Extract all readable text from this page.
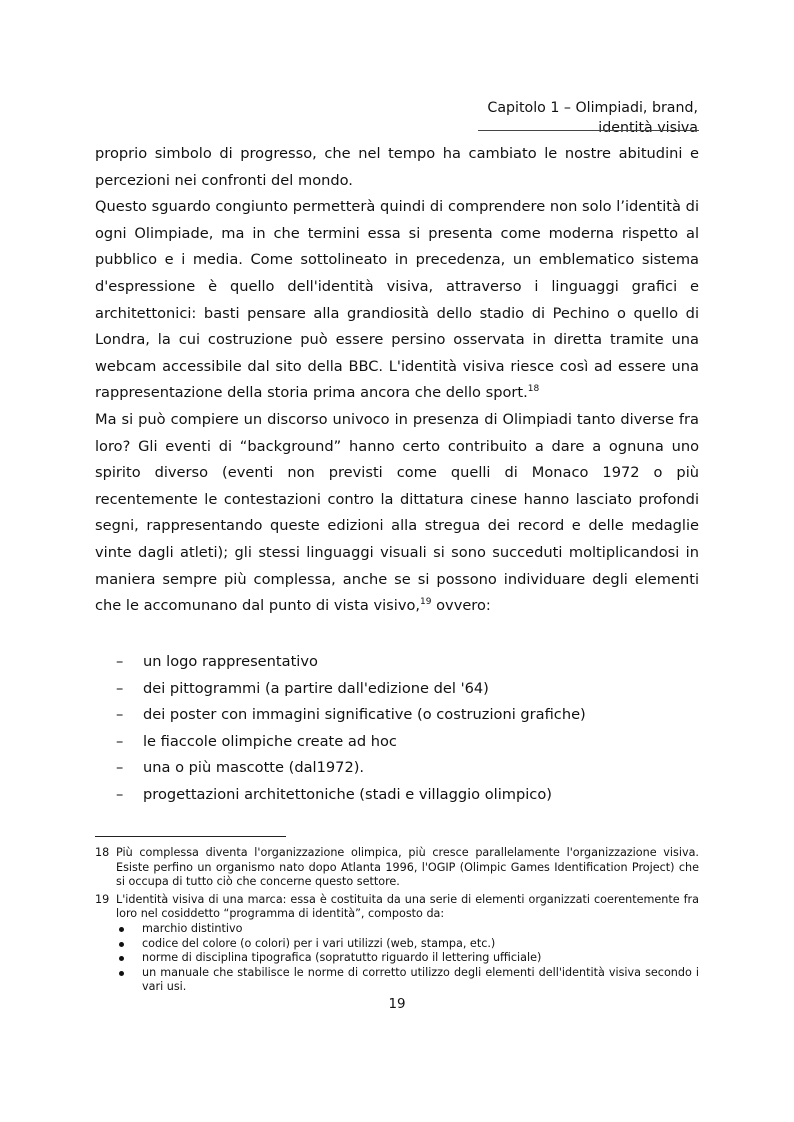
Capitolo 1 – Olimpiadi, brand, identità visiva

proprio simbolo di progresso, che nel tempo ha cambiato le nostre abitudini e percezioni nei confronti del mondo.

Questo sguardo congiunto permetterà quindi di comprendere non solo l’identità di ogni Olimpiade, ma in che termini essa si presenta come moderna rispetto al pubblico e i media. Come sottolineato in precedenza, un emblematico sistema d'espressione è quello dell'identità visiva, attraverso i linguaggi grafici e architettonici: basti pensare alla grandiosità dello stadio di Pechino o quello di Londra, la cui costruzione può essere persino osservata in diretta tramite una webcam accessibile dal sito della BBC. L'identità visiva riesce così ad essere una rappresentazione della storia prima ancora che dello sport.$^{18}$

Ma si può compiere un discorso univoco in presenza di Olimpiadi tanto diverse fra loro? Gli eventi di “background” hanno certo contribuito a dare a ognuna uno spirito diverso (eventi non previsti come quelli di Monaco 1972 o più recentemente le contestazioni contro la dittatura cinese hanno lasciato profondi segni, rappresentando queste edizioni alla stregua dei record e delle medaglie vinte dagli atleti); gli stessi linguaggi visuali si sono succeduti moltiplicandosi in maniera sempre più complessa, anche se si possono individuare degli elementi che le accomunano dal punto di vista visivo,$^{19}$ ovvero:

– un logo rappresentativo
– dei pittogrammi (a partire dall'edizione del '64)
– dei poster con immagini significative (o costruzioni grafiche)
– le fiaccole olimpiche create ad hoc
– una o più mascotte (dal1972).
– progettazioni architettoniche (stadi e villaggio olimpico)
18 Più complessa diventa l'organizzazione olimpica, più cresce parallelamente l'organizzazione visiva. Esiste perfino un organismo nato dopo Atlanta 1996, l'OGIP (Olimpic Games Identification Project) che si occupa di tutto ciò che concerne questo settore.
19 L'identità visiva di una marca: essa è costituita da una serie di elementi organizzati coerentemente fra loro nel cosiddetto “programma di identità”, composto da:
marchio distintivo
codice del colore (o colori) per i vari utilizzi (web, stampa, etc.)
norme di disciplina tipografica (sopratutto riguardo il lettering ufficiale)
un manuale che stabilisce le norme di corretto utilizzo degli elementi dell'identità visiva secondo i vari usi.
19
